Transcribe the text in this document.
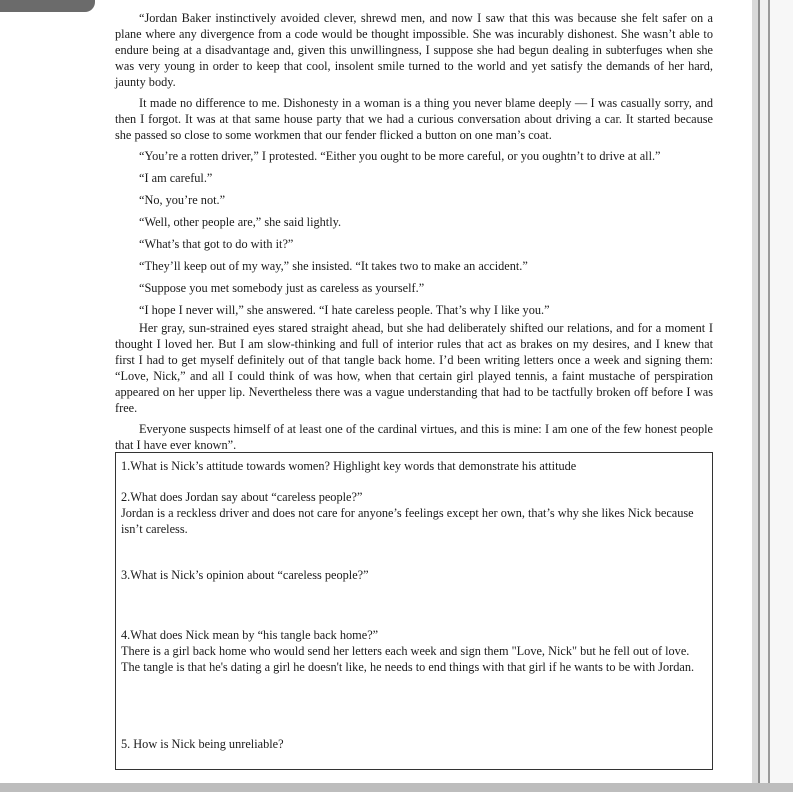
“Jordan Baker instinctively avoided clever, shrewd men, and now I saw that this was because she felt safer on a plane where any divergence from a code would be thought impossible. She was incurably dishonest. She wasn’t able to endure being at a disadvantage and, given this unwillingness, I suppose she had begun dealing in subterfuges when she was very young in order to keep that cool, insolent smile turned to the world and yet satisfy the demands of her hard, jaunty body.

It made no difference to me. Dishonesty in a woman is a thing you never blame deeply — I was casually sorry, and then I forgot. It was at that same house party that we had a curious conversation about driving a car. It started because she passed so close to some workmen that our fender flicked a button on one man’s coat.

“You’re a rotten driver,” I protested. “Either you ought to be more careful, or you oughtn’t to drive at all.”

“I am careful.”

“No, you’re not.”

“Well, other people are,” she said lightly.

“What’s that got to do with it?”

“They’ll keep out of my way,” she insisted. “It takes two to make an accident.”

“Suppose you met somebody just as careless as yourself.”

“I hope I never will,” she answered. “I hate careless people. That’s why I like you.”

Her gray, sun-strained eyes stared straight ahead, but she had deliberately shifted our relations, and for a moment I thought I loved her. But I am slow-thinking and full of interior rules that act as brakes on my desires, and I knew that first I had to get myself definitely out of that tangle back home. I’d been writing letters once a week and signing them: “Love, Nick,” and all I could think of was how, when that certain girl played tennis, a faint mustache of perspiration appeared on her upper lip. Nevertheless there was a vague understanding that had to be tactfully broken off before I was free.

Everyone suspects himself of at least one of the cardinal virtues, and this is mine: I am one of the few honest people that I have ever known”.

1.What is Nick’s attitude towards women? Highlight key words that demonstrate his attitude
2.What does Jordan say about “careless people?”
Jordan is a reckless driver and does not care for anyone’s feelings except her own, that’s why she likes Nick because isn’t careless.
3.What is Nick’s opinion about “careless people?”
4.What does Nick mean by “his tangle back home?”
There is a girl back home who would send her letters each week and sign them "Love, Nick" but he fell out of love. The tangle is that he's dating a girl he doesn't like, he needs to end things with that girl if he wants to be with Jordan.
5. How is Nick being unreliable?
